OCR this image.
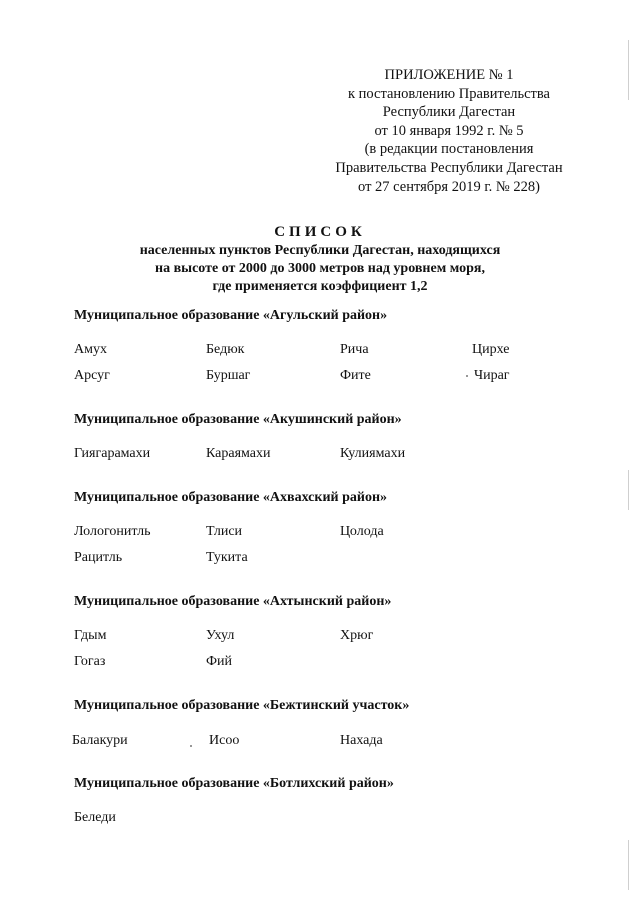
ПРИЛОЖЕНИЕ № 1
к постановлению Правительства
Республики Дагестан
от 10 января 1992 г. № 5
(в редакции постановления
Правительства Республики Дагестан
от 27 сентября 2019 г. № 228)
СПИСОК
населенных пунктов Республики Дагестан, находящихся
на высоте от 2000 до 3000 метров над уровнем моря,
где применяется коэффициент 1,2
Муниципальное образование «Агульский район»
Амух	Бедюк	Рича	Цирхе
Арсуг	Буршаг	Фите	Чираг
Муниципальное образование «Акушинский район»
Гиягарамахи	Караямахи	Кулиямахи
Муниципальное образование «Ахвахский район»
Лологонитль	Тлиси	Цолода
Рацитль	Тукита
Муниципальное образование «Ахтынский район»
Гдым	Ухул	Хрюг
Гогаз	Фий
Муниципальное образование «Бежтинский участок»
Балакури	Исоо	Нахада
Муниципальное образование «Ботлихский район»
Беледи
